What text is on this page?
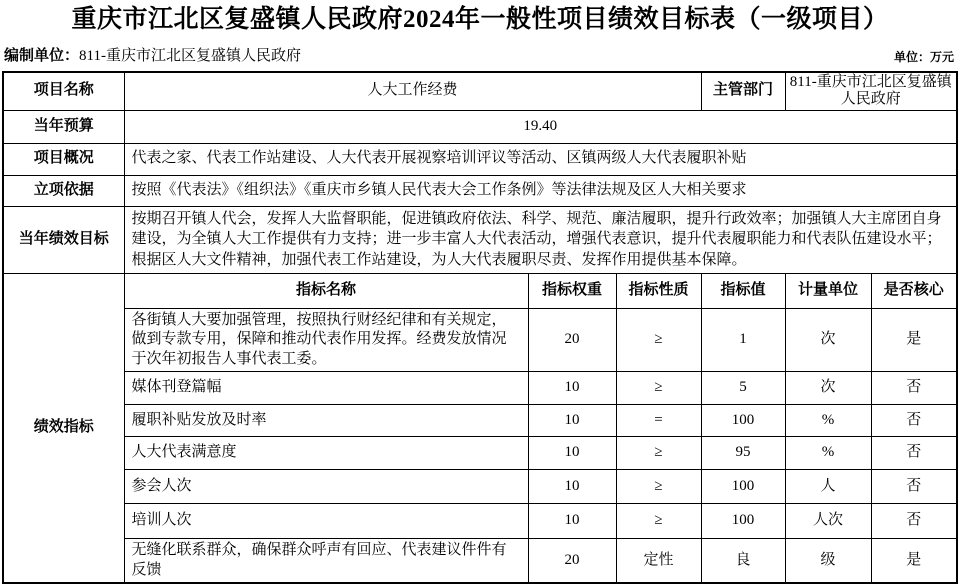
重庆市江北区复盛镇人民政府2024年一般性项目绩效目标表（一级项目）
编制单位：811-重庆市江北区复盛镇人民政府	单位：万元
项目名称	人大工作经费			主管部门	811-重庆市江北区复盛镇人民政府	
当年预算	19.40					
项目概况	代表之家、代表工作站建设、人大代表开展视察培训评议等活动、区镇两级人大代表履职补贴					
立项依据	按照《代表法》《组织法》《重庆市乡镇人民代表大会工作条例》等法律法规及区人大相关要求					
当年绩效目标	按期召开镇人代会，发挥人大监督职能，促进镇政府依法、科学、规范、廉洁履职，提升行政效率；加强镇人大主席团自身建设，为全镇人大工作提供有力支持；进一步丰富人大代表活动，增强代表意识，提升代表履职能力和代表队伍建设水平；根据区人大文件精神，加强代表工作站建设，为人大代表履职尽责、发挥作用提供基本保障。					
绩效指标	指标名称	指标权重	指标性质	指标值	计量单位	是否核心
	各街镇人大要加强管理，按照执行财经纪律和有关规定，做到专款专用，保障和推动代表作用发挥。经费发放情况于次年初报告人事代表工委。	20	≥	1	次	是
	媒体刊登篇幅	10	≥	5	次	否
	履职补贴发放及时率	10	=	100	%	否
	人大代表满意度	10	≥	95	%	否
	参会人次	10	≥	100	人	否
	培训人次	10	≥	100	人次	否
	无缝化联系群众，确保群众呼声有回应、代表建议件件有反馈	20	定性	良	级	是
